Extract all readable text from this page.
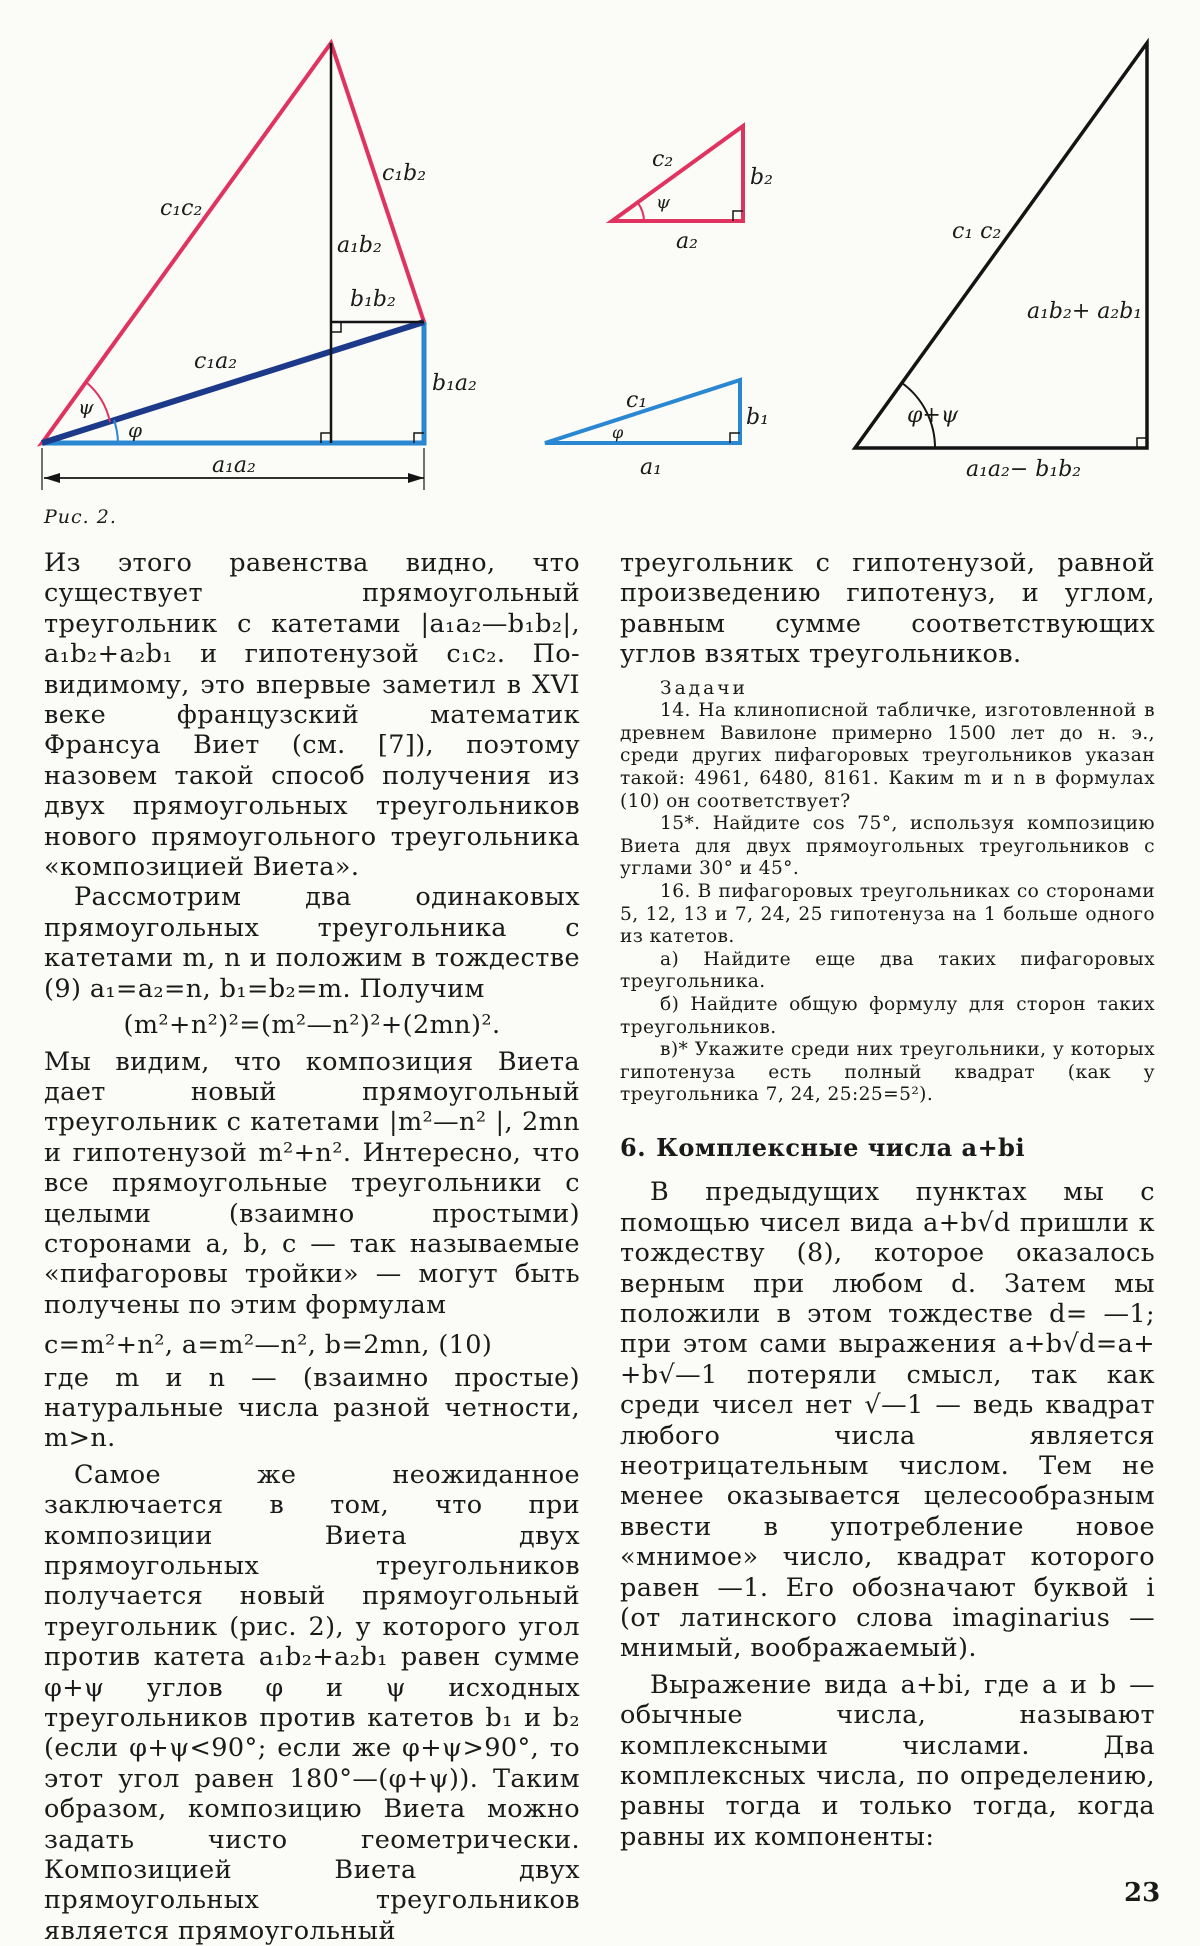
c₁c₂
c₁b₂
a₁b₂
b₁b₂
c₁a₂
b₁a₂
a₁a₂
ψ
φ
c₂
b₂
a₂
ψ
c₁
b₁
a₁
φ
c₁ c₂
a₁b₂+ a₂b₁
φ+ψ
a₁a₂− b₁b₂
Рис. 2.

Из этого равенства видно, что существует прямоугольный треугольник с катетами |a₁a₂—b₁b₂|, a₁b₂+a₂b₁ и гипотенузой c₁c₂. По-видимому, это впервые заметил в XVI веке французский математик Франсуа Виет (см. [7]), поэтому назовем такой способ получения из двух прямоугольных треугольников нового прямоугольного треугольника «композицией Виета».

Рассмотрим два одинаковых прямоугольных треугольника с катетами m, n и положим в тождестве (9) a₁=a₂=n, b₁=b₂=m. Получим

(m²+n²)²=(m²—n²)²+(2mn)².

Мы видим, что композиция Виета дает новый прямоугольный треугольник с катетами |m²—n² |, 2mn и гипотенузой m²+n². Интересно, что все прямоугольные треугольники с целыми (взаимно простыми) сторонами a, b, c — так называемые «пифагоровы тройки» — могут быть получены по этим формулам

c=m²+n², a=m²—n², b=2mn, (10)

где m и n — (взаимно простые) натуральные числа разной четности, m>n.

Самое же неожиданное заключается в том, что при композиции Виета двух прямоугольных треугольников получается новый прямоугольный треугольник (рис. 2), у которого угол против катета a₁b₂+a₂b₁ равен сумме φ+ψ углов φ и ψ исходных треугольников против катетов b₁ и b₂ (если φ+ψ<90°; если же φ+ψ>90°, то этот угол равен 180°—(φ+ψ)). Таким образом, композицию Виета можно задать чисто геометрически. Композицией Виета двух прямоугольных треугольников является прямоугольный

треугольник с гипотенузой, равной произведению гипотенуз, и углом, равным сумме соответствующих углов взятых треугольников.

Задачи

14. На клинописной табличке, изготовленной в древнем Вавилоне примерно 1500 лет до н. э., среди других пифагоровых треугольников указан такой: 4961, 6480, 8161. Каким m и n в формулах (10) он соответствует?

15*. Найдите cos 75°, используя композицию Виета для двух прямоугольных треугольников с углами 30° и 45°.

16. В пифагоровых треугольниках со сторонами 5, 12, 13 и 7, 24, 25 гипотенуза на 1 больше одного из катетов.

а) Найдите еще два таких пифагоровых треугольника.

б) Найдите общую формулу для сторон таких треугольников.

в)* Укажите среди них треугольники, у которых гипотенуза есть полный квадрат (как у треугольника 7, 24, 25:25=5²).

6. Комплексные числа a+bi

В предыдущих пунктах мы с помощью чисел вида a+b√d пришли к тождеству (8), которое оказалось верным при любом d. Затем мы положили в этом тождестве d= —1; при этом сами выражения a+b√d=a+ +b√—1 потеряли смысл, так как среди чисел нет √—1 — ведь квадрат любого числа является неотрицательным числом. Тем не менее оказывается целесообразным ввести в употребление новое «мнимое» число, квадрат которого равен —1. Его обозначают буквой i (от латинского слова imaginarius — мнимый, воображаемый).

Выражение вида a+bi, где a и b — обычные числа, называют комплексными числами. Два комплексных числа, по определению, равны тогда и только тогда, когда равны их компоненты:

23
